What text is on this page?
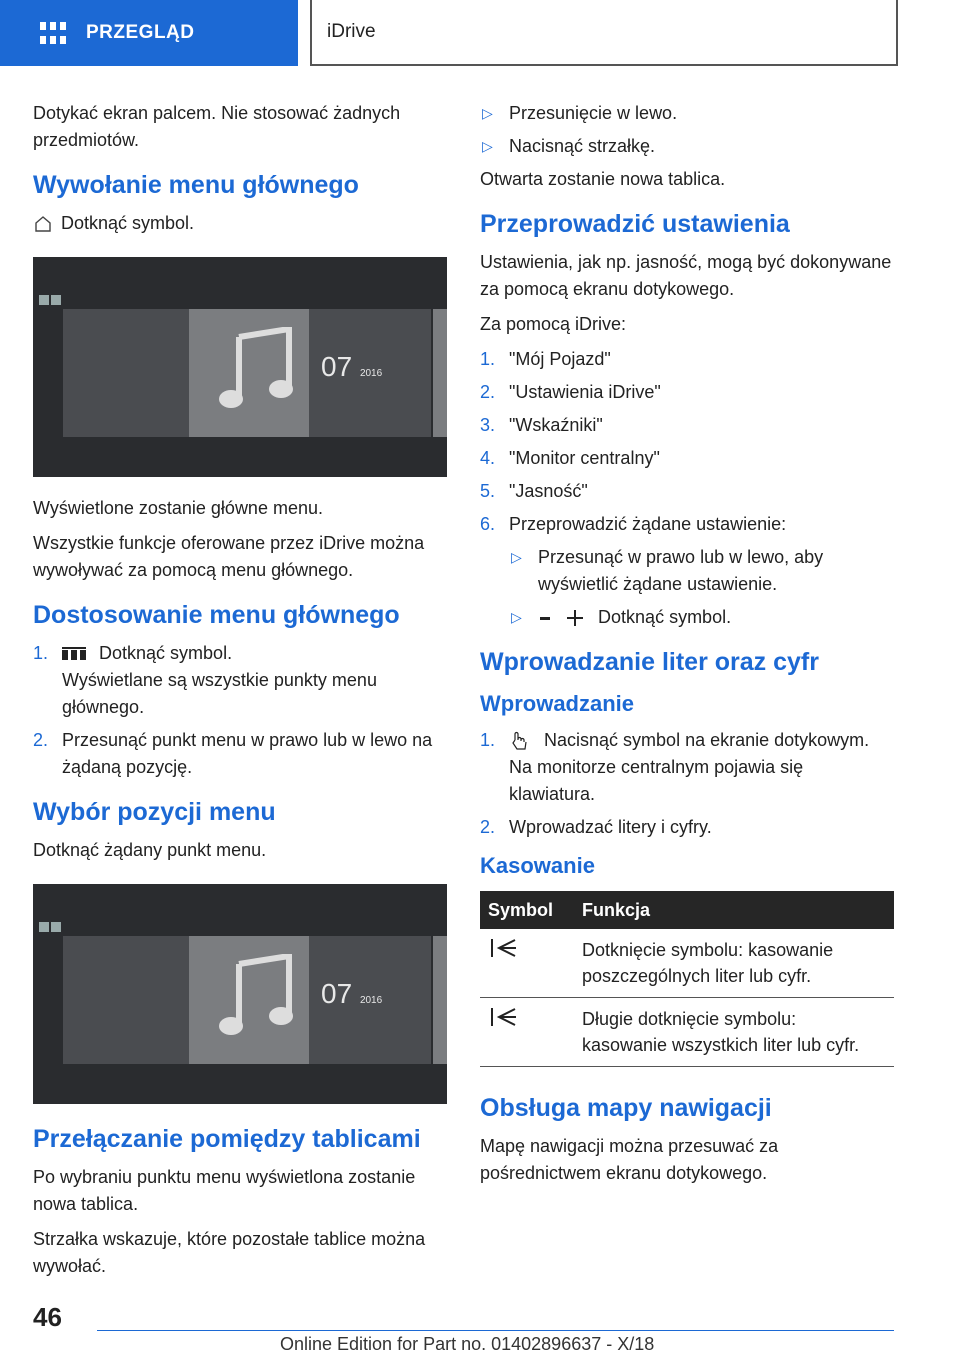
PRZEGLĄD	iDrive

Dotykać ekran palcem. Nie stosować żadnych przedmiotów.

Wywołanie menu głównego
Dotknąć symbol.
07 2016

Wyświetlone zostanie główne menu.

Wszystkie funkcje oferowane przez iDrive można wywoływać za pomocą menu głównego.

Dostosowanie menu głównego
1.	Dotknąć symbol.
Wyświetlane są wszystkie punkty menu głównego.
2. Przesunąć punkt menu w prawo lub w lewo na żądaną pozycję.
Wybór pozycji menu

Dotknąć żądany punkt menu.

07 2016
Przełączanie pomiędzy tablicami

Po wybraniu punktu menu wyświetlona zostanie nowa tablica.

Strzałka wskazuje, które pozostałe tablice można wywołać.

▷ Przesunięcie w lewo.
▷ Nacisnąć strzałkę.

Otwarta zostanie nowa tablica.

Przeprowadzić ustawienia

Ustawienia, jak np. jasność, mogą być dokonywane za pomocą ekranu dotykowego.

Za pomocą iDrive:

1. "Mój Pojazd"
2. "Ustawienia iDrive"
3. "Wskaźniki"
4. "Monitor centralny"
5. "Jasność"
6. Przeprowadzić żądane ustawienie:
▷ Przesunąć w prawo lub w lewo, aby wyświetlić żądane ustawienie.
▷	Dotknąć symbol.
Wprowadzanie liter oraz cyfr
Wprowadzanie
1.	Nacisnąć symbol na ekranie dotykowym.
Na monitorze centralnym pojawia się klawiatura.
2. Wprowadzać litery i cyfry.
Kasowanie
Symbol	Funkcja
	Dotknięcie symbolu: kasowanie poszczególnych liter lub cyfr.
	Długie dotknięcie symbolu: kasowanie wszystkich liter lub cyfr.
Obsługa mapy nawigacji

Mapę nawigacji można przesuwać za pośrednictwem ekranu dotykowego.

46
Online Edition for Part no. 01402896637 - X/18
